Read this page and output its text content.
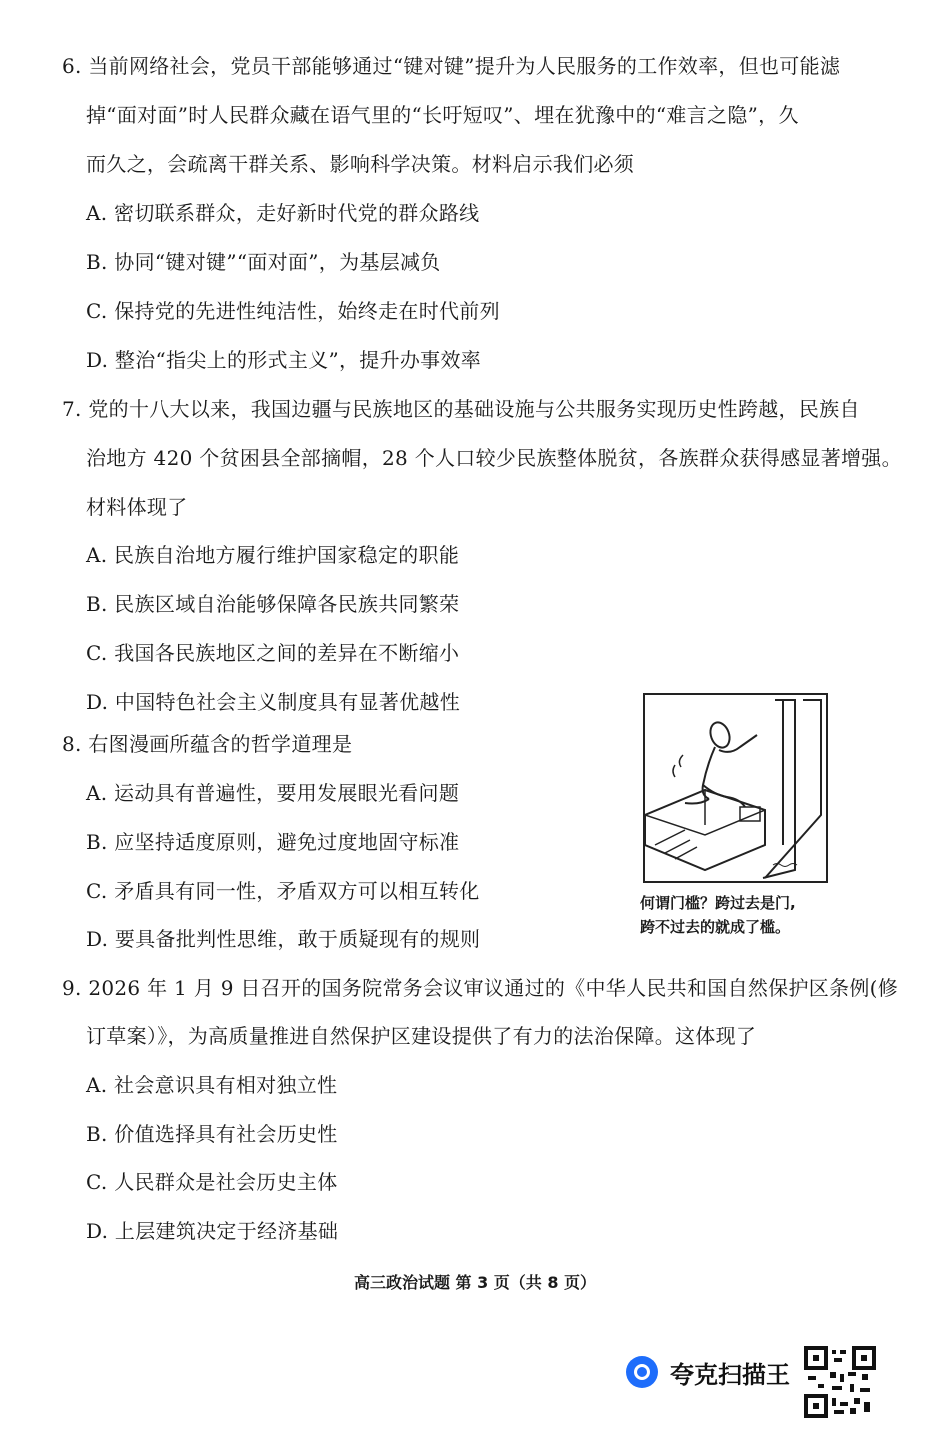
6. 当前网络社会，党员干部能够通过“键对键”提升为人民服务的工作效率，但也可能滤
掉“面对面”时人民群众藏在语气里的“长吁短叹”、埋在犹豫中的“难言之隐”，久
而久之，会疏离干群关系、影响科学决策。材料启示我们必须
A. 密切联系群众，走好新时代党的群众路线
B. 协同“键对键”“面对面”，为基层减负
C. 保持党的先进性纯洁性，始终走在时代前列
D. 整治“指尖上的形式主义”，提升办事效率
7. 党的十八大以来，我国边疆与民族地区的基础设施与公共服务实现历史性跨越，民族自
治地方 420 个贫困县全部摘帽，28 个人口较少民族整体脱贫，各族群众获得感显著增强。
材料体现了
A. 民族自治地方履行维护国家稳定的职能
B. 民族区域自治能够保障各民族共同繁荣
C. 我国各民族地区之间的差异在不断缩小
D. 中国特色社会主义制度具有显著优越性
8. 右图漫画所蕴含的哲学道理是
A. 运动具有普遍性，要用发展眼光看问题
B. 应坚持适度原则，避免过度地固守标准
C. 矛盾具有同一性，矛盾双方可以相互转化
D. 要具备批判性思维，敢于质疑现有的规则
何谓门槛？跨过去是门,
跨不过去的就成了槛。
9. 2026 年 1 月 9 日召开的国务院常务会议审议通过的《中华人民共和国自然保护区条例(修
订草案）》，为高质量推进自然保护区建设提供了有力的法治保障。这体现了
A. 社会意识具有相对独立性
B. 价值选择具有社会历史性
C. 人民群众是社会历史主体
D. 上层建筑决定于经济基础
高三政治试题 第 3 页（共 8 页）
夸克扫描王
